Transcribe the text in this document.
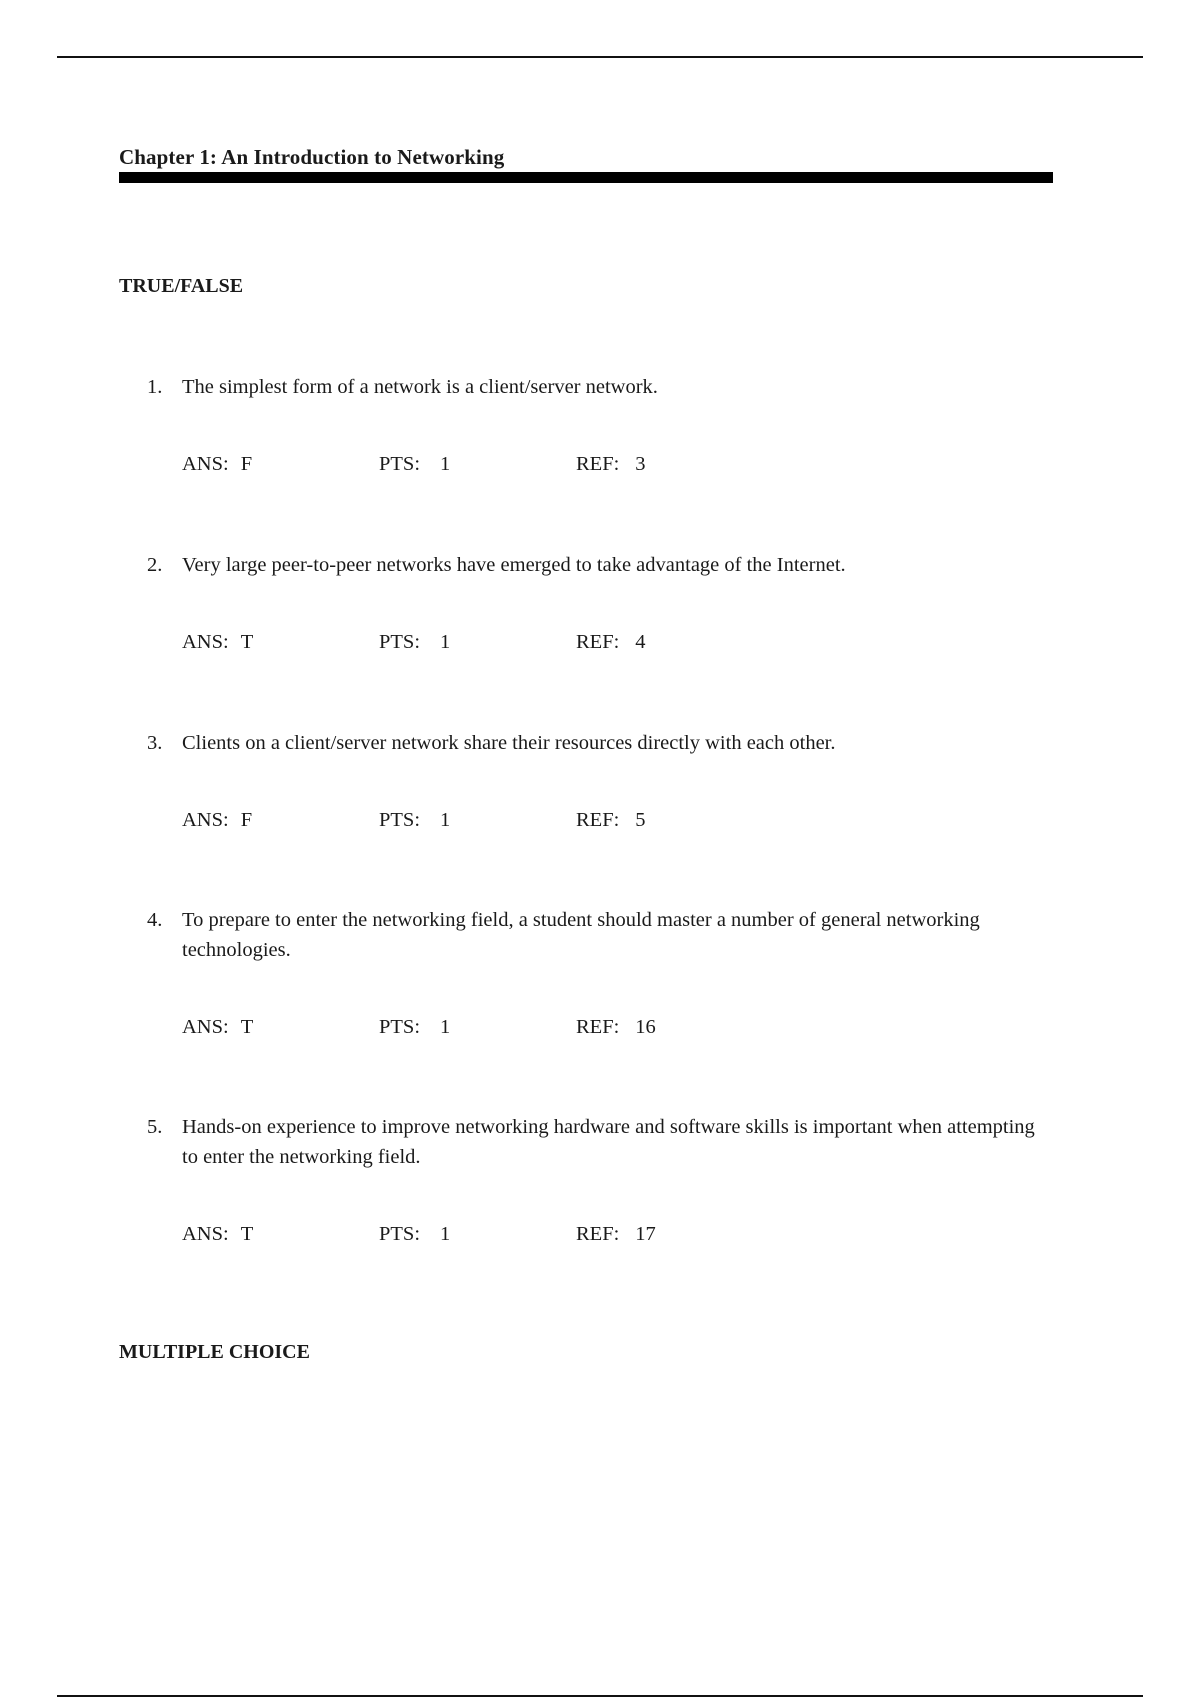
Chapter 1: An Introduction to Networking
TRUE/FALSE
1. The simplest form of a network is a client/server network.
ANS: F	PTS: 1	REF: 3
2. Very large peer-to-peer networks have emerged to take advantage of the Internet.
ANS: T	PTS: 1	REF: 4
3. Clients on a client/server network share their resources directly with each other.
ANS: F	PTS: 1	REF: 5
4. To prepare to enter the networking field, a student should master a number of general networking technologies.
ANS: T	PTS: 1	REF: 16
5. Hands-on experience to improve networking hardware and software skills is important when attempting to enter the networking field.
ANS: T	PTS: 1	REF: 17
MULTIPLE CHOICE
